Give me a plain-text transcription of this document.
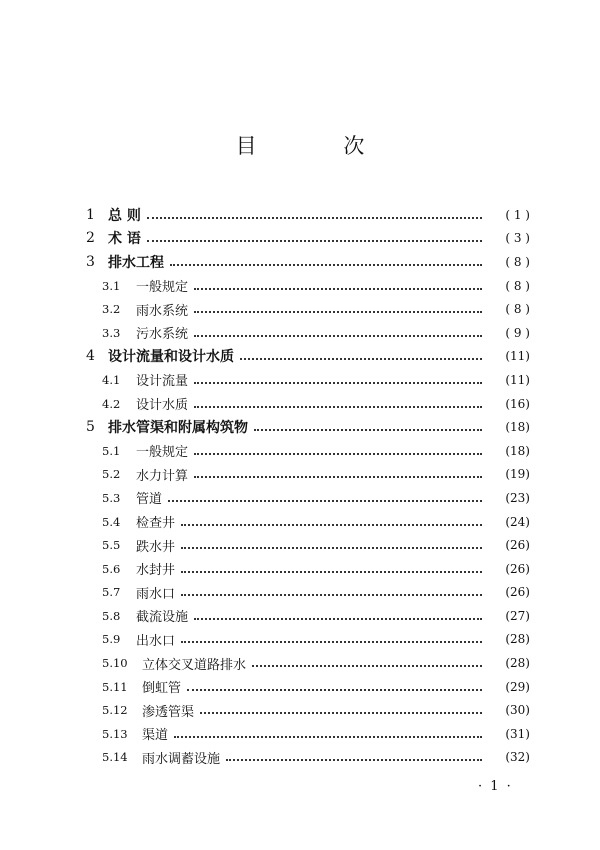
目 次
1 总 则	( 1 )
2 术 语	( 3 )
3 排水工程	( 8 )
3.1	一般规定	( 8 )
3.2	雨水系统	( 8 )
3.3	污水系统	( 9 )
4 设计流量和设计水质	(11)
4.1	设计流量	(11)
4.2	设计水质	(16)
5 排水管渠和附属构筑物	(18)
5.1	一般规定	(18)
5.2	水力计算	(19)
5.3	管道	(23)
5.4	检查井	(24)
5.5	跌水井	(26)
5.6	水封井	(26)
5.7	雨水口	(26)
5.8	截流设施	(27)
5.9	出水口	(28)
5.10	立体交叉道路排水	(28)
5.11	倒虹管	(29)
5.12	渗透管渠	(30)
5.13	渠道	(31)
5.14	雨水调蓄设施	(32)
· 1 ·
